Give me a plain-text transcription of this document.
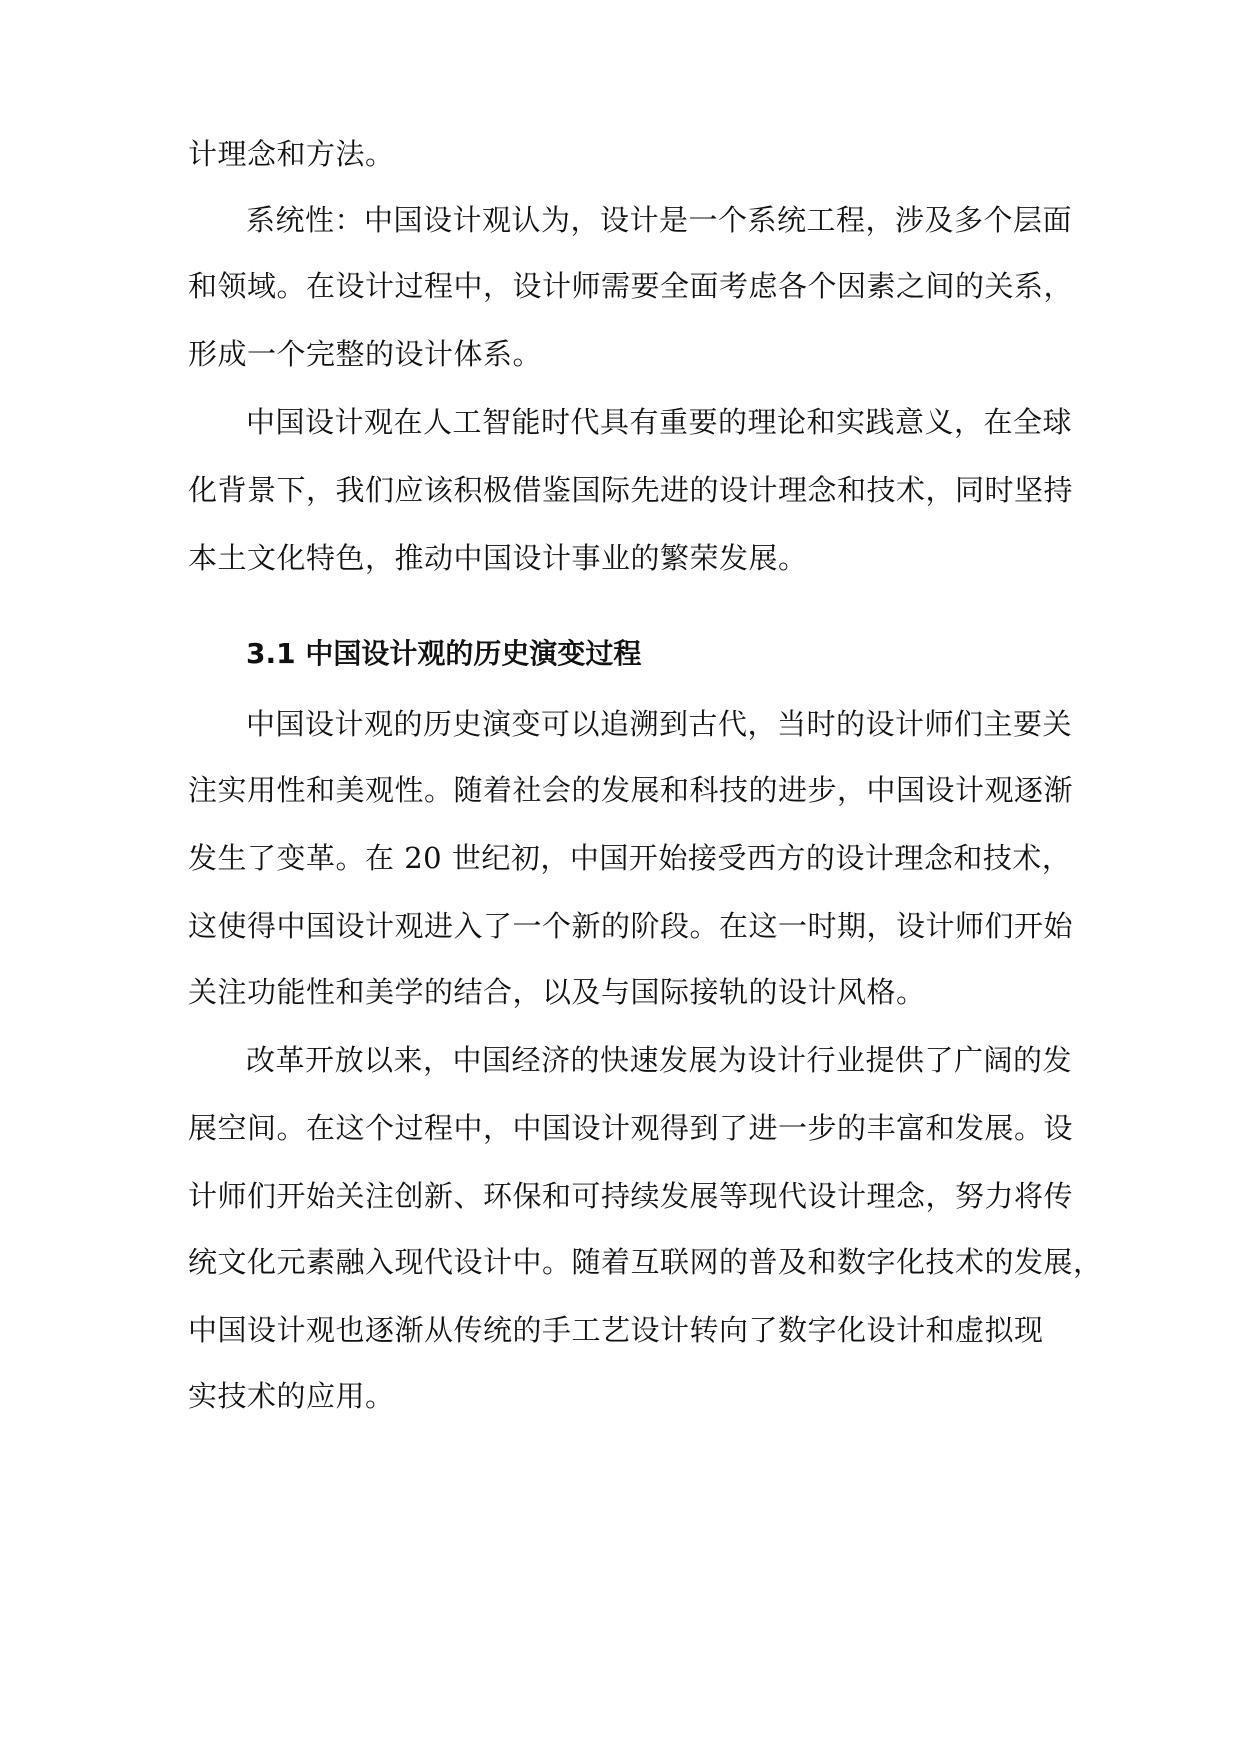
计理念和方法。
系统性：中国设计观认为，设计是一个系统工程，涉及多个层面
和领域。在设计过程中，设计师需要全面考虑各个因素之间的关系，
形成一个完整的设计体系。
中国设计观在人工智能时代具有重要的理论和实践意义，在全球
化背景下，我们应该积极借鉴国际先进的设计理念和技术，同时坚持
本土文化特色，推动中国设计事业的繁荣发展。
3.1 中国设计观的历史演变过程
中国设计观的历史演变可以追溯到古代，当时的设计师们主要关
注实用性和美观性。随着社会的发展和科技的进步，中国设计观逐渐
发生了变革。在 20 世纪初，中国开始接受西方的设计理念和技术，
这使得中国设计观进入了一个新的阶段。在这一时期，设计师们开始
关注功能性和美学的结合，以及与国际接轨的设计风格。
改革开放以来，中国经济的快速发展为设计行业提供了广阔的发
展空间。在这个过程中，中国设计观得到了进一步的丰富和发展。设
计师们开始关注创新、环保和可持续发展等现代设计理念，努力将传
统文化元素融入现代设计中。随着互联网的普及和数字化技术的发展，
中国设计观也逐渐从传统的手工艺设计转向了数字化设计和虚拟现
实技术的应用。
